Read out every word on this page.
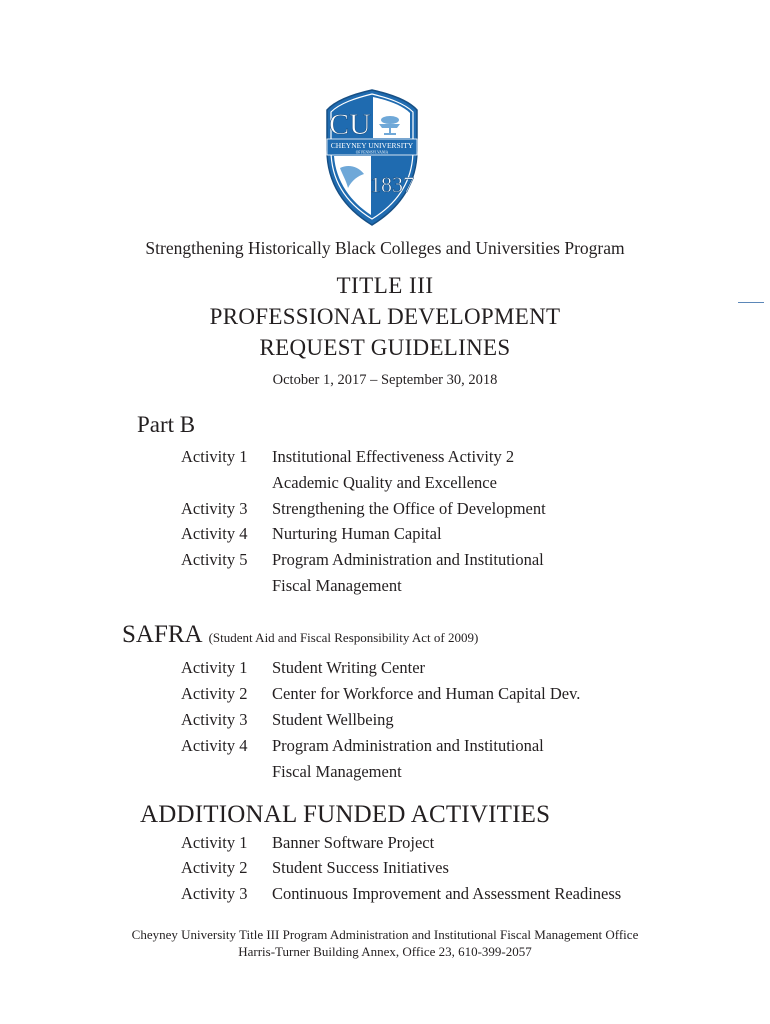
CHEYNEY UNIVERSITY
OF PENNSYLVANIA
CU
1837
Strengthening Historically Black Colleges and Universities Program
TITLE III
PROFESSIONAL DEVELOPMENT
REQUEST GUIDELINES
October 1, 2017 – September 30, 2018
Part B
Activity 1 Institutional Effectiveness Activity 2
Academic Quality and Excellence
Activity 3 Strengthening the Office of Development
Activity 4 Nurturing Human Capital
Activity 5 Program Administration and Institutional
Fiscal Management
SAFRA (Student Aid and Fiscal Responsibility Act of 2009)
Activity 1 Student Writing Center
Activity 2 Center for Workforce and Human Capital Dev.
Activity 3 Student Wellbeing
Activity 4 Program Administration and Institutional
Fiscal Management
ADDITIONAL FUNDED ACTIVITIES
Activity 1 Banner Software Project
Activity 2 Student Success Initiatives
Activity 3 Continuous Improvement and Assessment Readiness
Cheyney University Title III Program Administration and Institutional Fiscal Management Office
Harris-Turner Building Annex, Office 23, 610-399-2057
